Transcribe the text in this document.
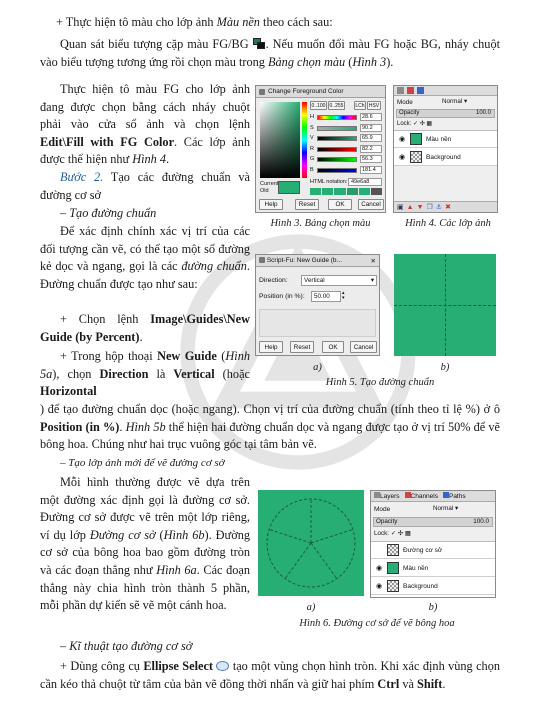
+ Thực hiện tô màu cho lớp ảnh Màu nền theo cách sau:
Quan sát biểu tượng cặp màu FG/BG
. Nếu muốn đổi màu FG hoặc BG, nháy chuột vào biểu tượng tương ứng rồi chọn màu trong Bảng chọn màu (Hình 3).
Thực hiện tô màu FG cho lớp ảnh đang được chọn bằng cách nháy chuột phải vào cửa sổ ảnh và chọn lệnh Edit\Fill with FG Color. Các lớp ảnh được thể hiện như Hình 4.
Bước 2. Tạo các đường chuẩn và đường cơ sở
– Tạo đường chuẩn
Để xác định chính xác vị trí của các đối tượng cần vẽ, có thể tạo một số đường kẻ dọc và ngang, gọi là các đường chuẩn. Đường chuẩn được tạo như sau:
+ Chọn lệnh Image\Guides\New Guide (by Percent).
+ Trong hộp thoại New Guide (Hình 5a), chọn Direction là Vertical (hoặc Horizontal
) để tạo đường chuẩn dọc (hoặc ngang). Chọn vị trí của đường chuẩn (tính theo tỉ lệ %) ở ô Position (in %). Hình 5b thể hiện hai đường chuẩn dọc và ngang được tạo ở vị trí 50% để vẽ bông hoa. Chúng như hai trục vuông góc tại tâm bản vẽ.
– Tạo lớp ảnh mới để vẽ đường cơ sở
Mỗi hình thường được vẽ dựa trên một đường xác định gọi là đường cơ sở. Đường cơ sở được vẽ trên một lớp riêng, ví dụ lớp Đường cơ sở (Hình 6b). Đường cơ sở của bông hoa bao gồm đường tròn và các đoạn thẳng như Hình 6a. Các đoạn thẳng này chia hình tròn thành 5 phần, mỗi phần dự kiến sẽ vẽ một cánh hoa.
– Kĩ thuật tạo đường cơ sở
+ Dùng công cụ Ellipse Select  tạo một vùng chọn hình tròn. Khi xác định vùng chọn cần kéo thả chuột từ tâm của bản vẽ đồng thời nhấn và giữ hai phím Ctrl và Shift.
Change Foreground Color
0..100 0..255	LCh HSV
H	28.6
S	90.2
V	65.9
R	82.2
G	56.3
B	181.4
Current
Old
HTML notation: 49e6a8
Help	Reset	OK	Cancel
Hình 3. Bảng chọn màu
Mode	Normal ▾
Opacity	100.0
Lock: ✓ ✣ ▦
◉	Màu nền
◉	Background
▣ ▲ ▼ ❐ ⚓ ✖
Hình 4. Các lớp ảnh
Script-Fu: New Guide (b...	✕
Direction:	Vertical	▾
Position (in %):	50.00	▴
▾
Help	Reset	OK	Cancel
a)	b)
Hình 5. Tạo đường chuẩn
a)
Layers	Channels	Paths
Mode	Normal ▾
Opacity	100.0
Lock: ✓ ✣ ▦
Đường cơ sở
◉	Màu nền
◉	Background
b)
Hình 6. Đường cơ sở để vẽ bông hoa
